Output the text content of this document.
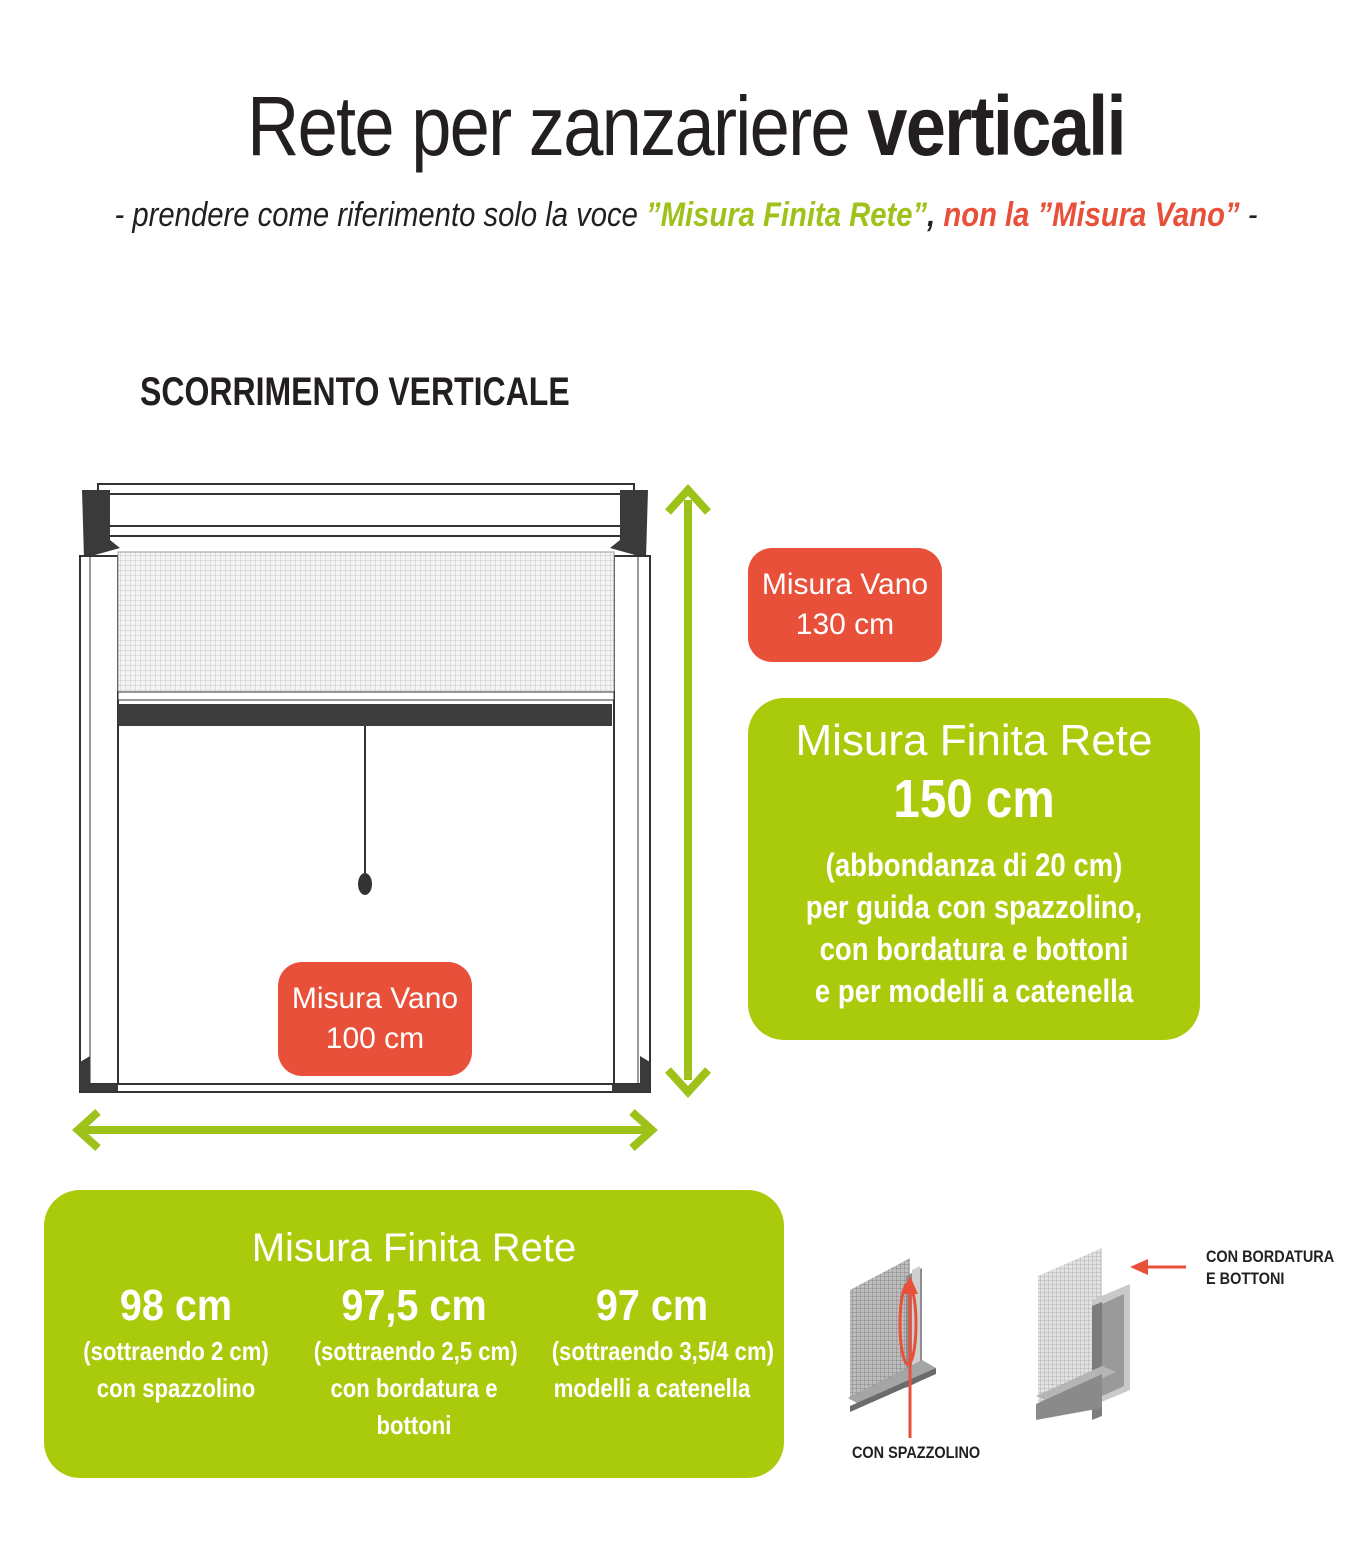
Rete per zanzariere verticali
- prendere come riferimento solo la voce ”Misura Finita Rete”, non la ”Misura Vano” -
SCORRIMENTO VERTICALE
Misura Vano
130 cm
Misura Vano
100 cm
Misura Finita Rete
150 cm
(abbondanza di 20 cm)
per guida con spazzolino,
con bordatura e bottoni
e per modelli a catenella
Misura Finita Rete
98 cm
(sottraendo 2 cm)
con spazzolino
97,5 cm
(sottraendo 2,5 cm)
con bordatura e
bottoni
97 cm
(sottraendo 3,5/4 cm)
modelli a catenella
CON SPAZZOLINO
CON BORDATURA
E BOTTONI
